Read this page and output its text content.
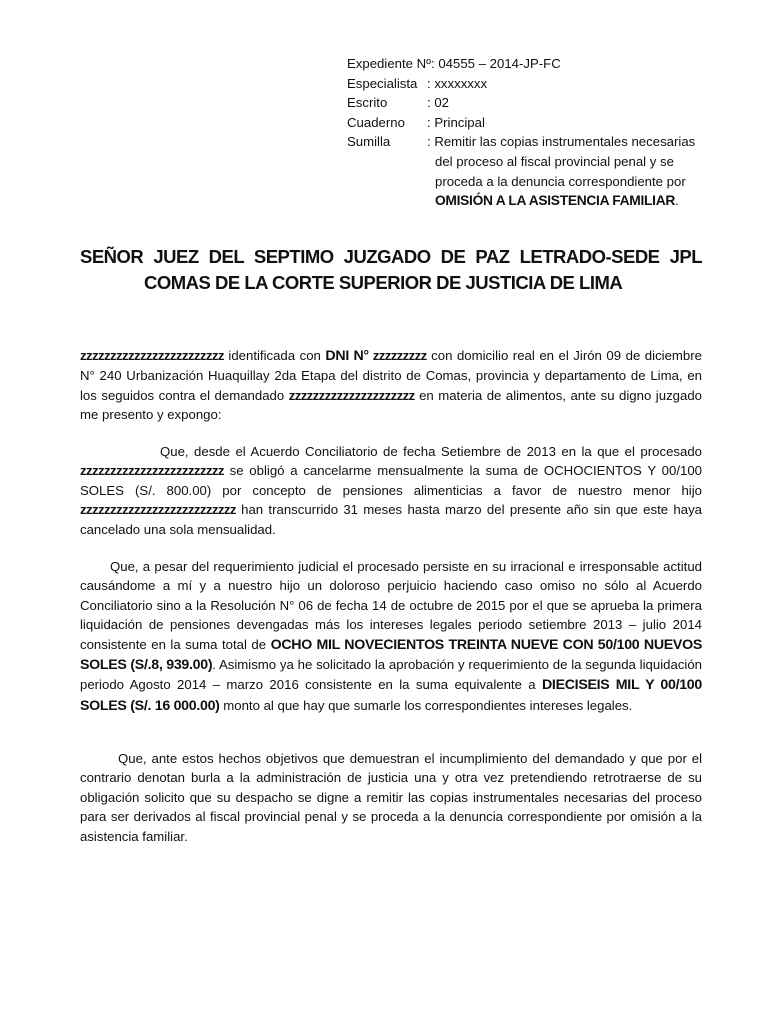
Expediente Nº: 04555 – 2014-JP-FC
Especialista : xxxxxxxx
Escrito	: 02
Cuaderno	: Principal
Sumilla	: Remitir las copias instrumentales necesarias
del proceso al fiscal provincial penal y se
proceda a la denuncia correspondiente por
OMISIÓN A LA ASISTENCIA FAMILIAR.
SEÑOR JUEZ DEL SEPTIMO JUZGADO DE PAZ LETRADO-SEDE JPL
COMAS DE LA CORTE SUPERIOR DE JUSTICIA DE LIMA
zzzzzzzzzzzzzzzzzzzzzzzz identificada con DNI N° zzzzzzzzz con domicilio real en el Jirón 09 de diciembre N° 240 Urbanización Huaquillay 2da Etapa del distrito de Comas, provincia y departamento de Lima, en los seguidos contra el demandado zzzzzzzzzzzzzzzzzzzzz en materia de alimentos, ante su digno juzgado me presento y expongo:
Que, desde el Acuerdo Conciliatorio de fecha Setiembre de 2013 en la que el procesado zzzzzzzzzzzzzzzzzzzzzzzz se obligó a cancelarme mensualmente la suma de OCHOCIENTOS Y 00/100 SOLES (S/. 800.00) por concepto de pensiones alimenticias a favor de nuestro menor hijo zzzzzzzzzzzzzzzzzzzzzzzzzz han transcurrido 31 meses hasta marzo del presente año sin que este haya cancelado una sola mensualidad.
Que, a pesar del requerimiento judicial el procesado persiste en su irracional e irresponsable actitud causándome a mí y a nuestro hijo un doloroso perjuicio haciendo caso omiso no sólo al Acuerdo Conciliatorio sino a la Resolución N° 06 de fecha 14 de octubre de 2015 por el que se aprueba la primera liquidación de pensiones devengadas más los intereses legales periodo setiembre 2013 – julio 2014 consistente en la suma total de OCHO MIL NOVECIENTOS TREINTA NUEVE CON 50/100 NUEVOS SOLES (S/.8, 939.00). Asimismo ya he solicitado la aprobación y requerimiento de la segunda liquidación periodo Agosto 2014 – marzo 2016 consistente en la suma equivalente a DIECISEIS MIL Y 00/100 SOLES (S/. 16 000.00) monto al que hay que sumarle los correspondientes intereses legales.
Que, ante estos hechos objetivos que demuestran el incumplimiento del demandado y que por el contrario denotan burla a la administración de justicia una y otra vez pretendiendo retrotraerse de su obligación solicito que su despacho se digne a remitir las copias instrumentales necesarias del proceso para ser derivados al fiscal provincial penal y se proceda a la denuncia correspondiente por omisión a la asistencia familiar.
